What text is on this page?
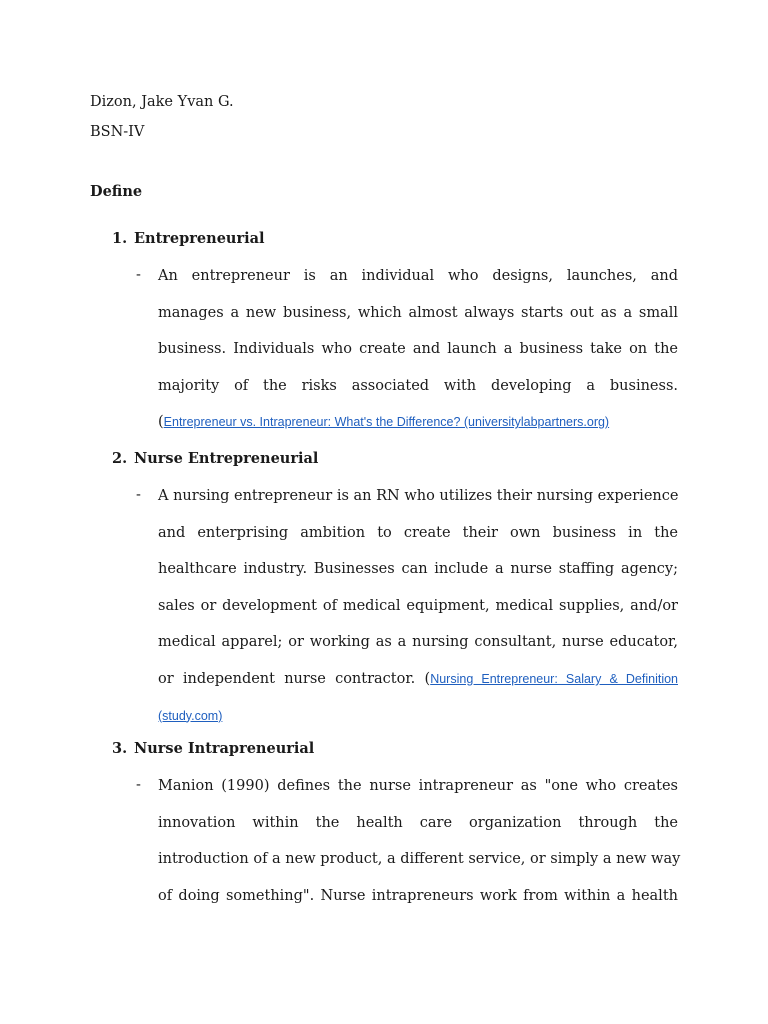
Dizon, Jake Yvan G.
BSN-IV
Define
1. Entrepreneurial
- An entrepreneur is an individual who designs, launches, and
manages a new business, which almost always starts out as a small
business. Individuals who create and launch a business take on the
majority of the risks associated with developing a business.
(Entrepreneur vs. Intrapreneur: What's the Difference? (universitylabpartners.org)
2. Nurse Entrepreneurial
- A nursing entrepreneur is an RN who utilizes their nursing experience
and enterprising ambition to create their own business in the
healthcare industry. Businesses can include a nurse staffing agency;
sales or development of medical equipment, medical supplies, and/or
medical apparel; or working as a nursing consultant, nurse educator,
or independent nurse contractor. (Nursing Entrepreneur: Salary & Definition
(study.com)
3. Nurse Intrapreneurial
- Manion (1990) defines the nurse intrapreneur as "one who creates
innovation within the health care organization through the
introduction of a new product, a different service, or simply a new way
of doing something". Nurse intrapreneurs work from within a health
